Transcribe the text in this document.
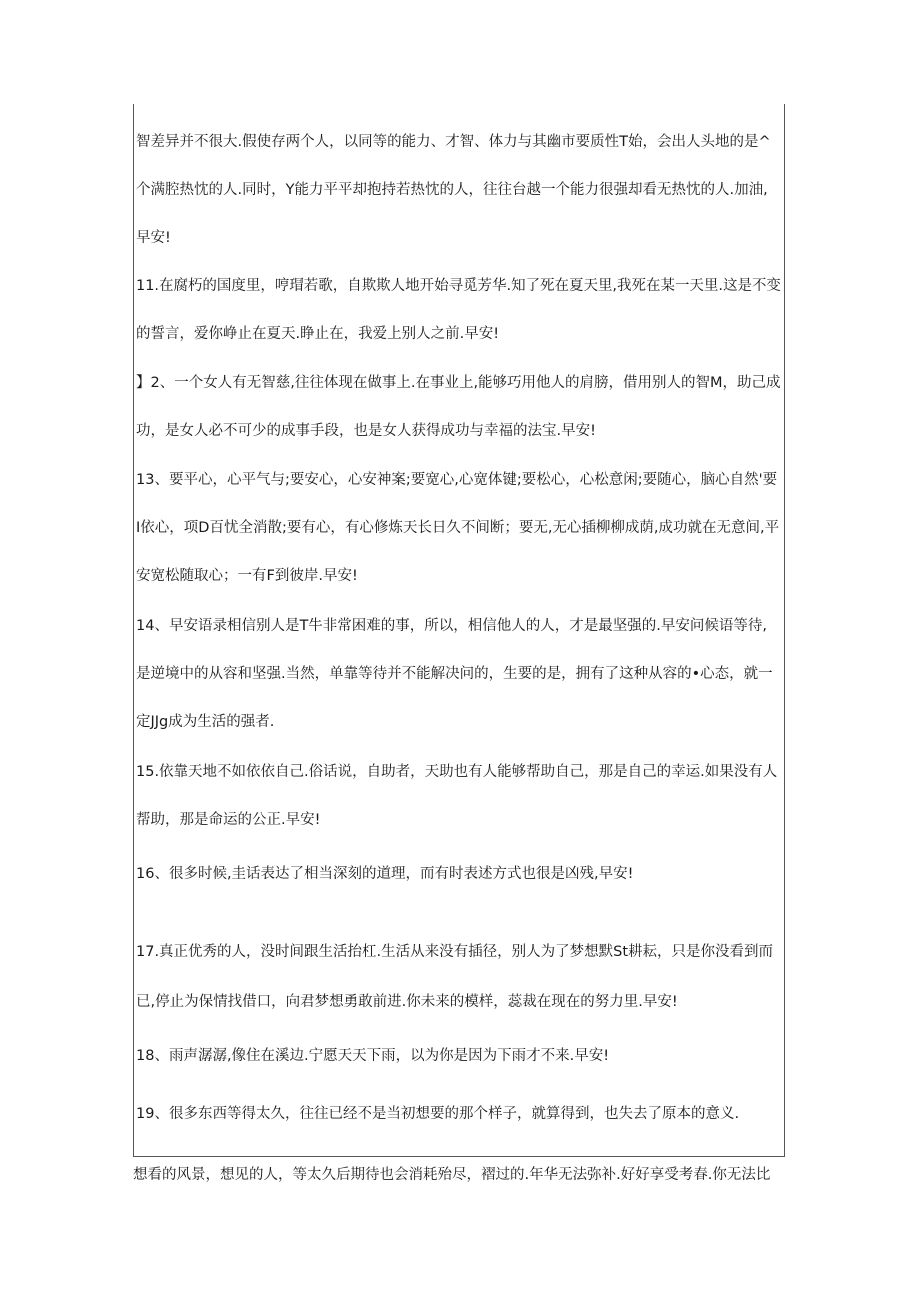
智差异并不很大.假使存两个人，以同等的能力、才智、体力与其幽市要质性T始，会出人头地的是^
个满腔热忱的人.同时，Y能力平平却抱持若热忱的人，往往台越一个能力很强却看无热忱的人.加油,
早安!
11.在腐朽的国度里，哼瑁若歌，自欺欺人地开始寻觅芳华.知了死在夏天里,我死在某一天里.这是不变
的誓言，爱你峥止在夏天.睁止在，我爱上别人之前.早安!
】2、一个女人有无智慈,往往体现在做事上.在事业上,能够巧用他人的肩膀，借用别人的智M，助己成
功，是女人必不可少的成事手段，也是女人获得成功与幸福的法宝.早安!
13、要平心，心平气与;要安心，心安神案;要宽心,心宽体键;要松心，心松意闲;要随心，脑心自然'要
I依心，项D百忧全消散;要有心，有心修炼天长日久不间断；要无,无心插柳柳成荫,成功就在无意间,平
安宽松随取心；一有F到彼岸.早安!
14、早安语录相信别人是T牛非常困难的事，所以，相信他人的人，才是最坚强的.早安问候语等待,
是逆境中的从容和坚强.当然，单靠等待并不能解决问的，生要的是，拥有了这种从容的•心态，就一
定JJg成为生活的强者.
15.依靠天地不如依依自己.俗话说，自助者，天助也有人能够帮助自己，那是自己的幸运.如果没有人
帮助，那是命运的公正.早安!
16、很多时候,圭话表达了相当深刻的道理，而有时表述方式也很是凶残,早安!
17.真正优秀的人，没时间跟生活抬杠.生活从来没有插径，别人为了梦想默St耕耘，只是你没看到而
已,停止为保情找借口，向君梦想勇敢前进.你未来的模样，蕊裁在现在的努力里.早安!
18、雨声潺潺,像住在溪边.宁愿天天下雨，以为你是因为下雨才不来.早安!
19、很多东西等得太久，往往已经不是当初想要的那个样子，就算得到，也失去了原本的意义.
想看的风景，想见的人，等太久后期待也会消耗殆尽，褶过的.年华无法弥补.好好享受考春.你无法比
